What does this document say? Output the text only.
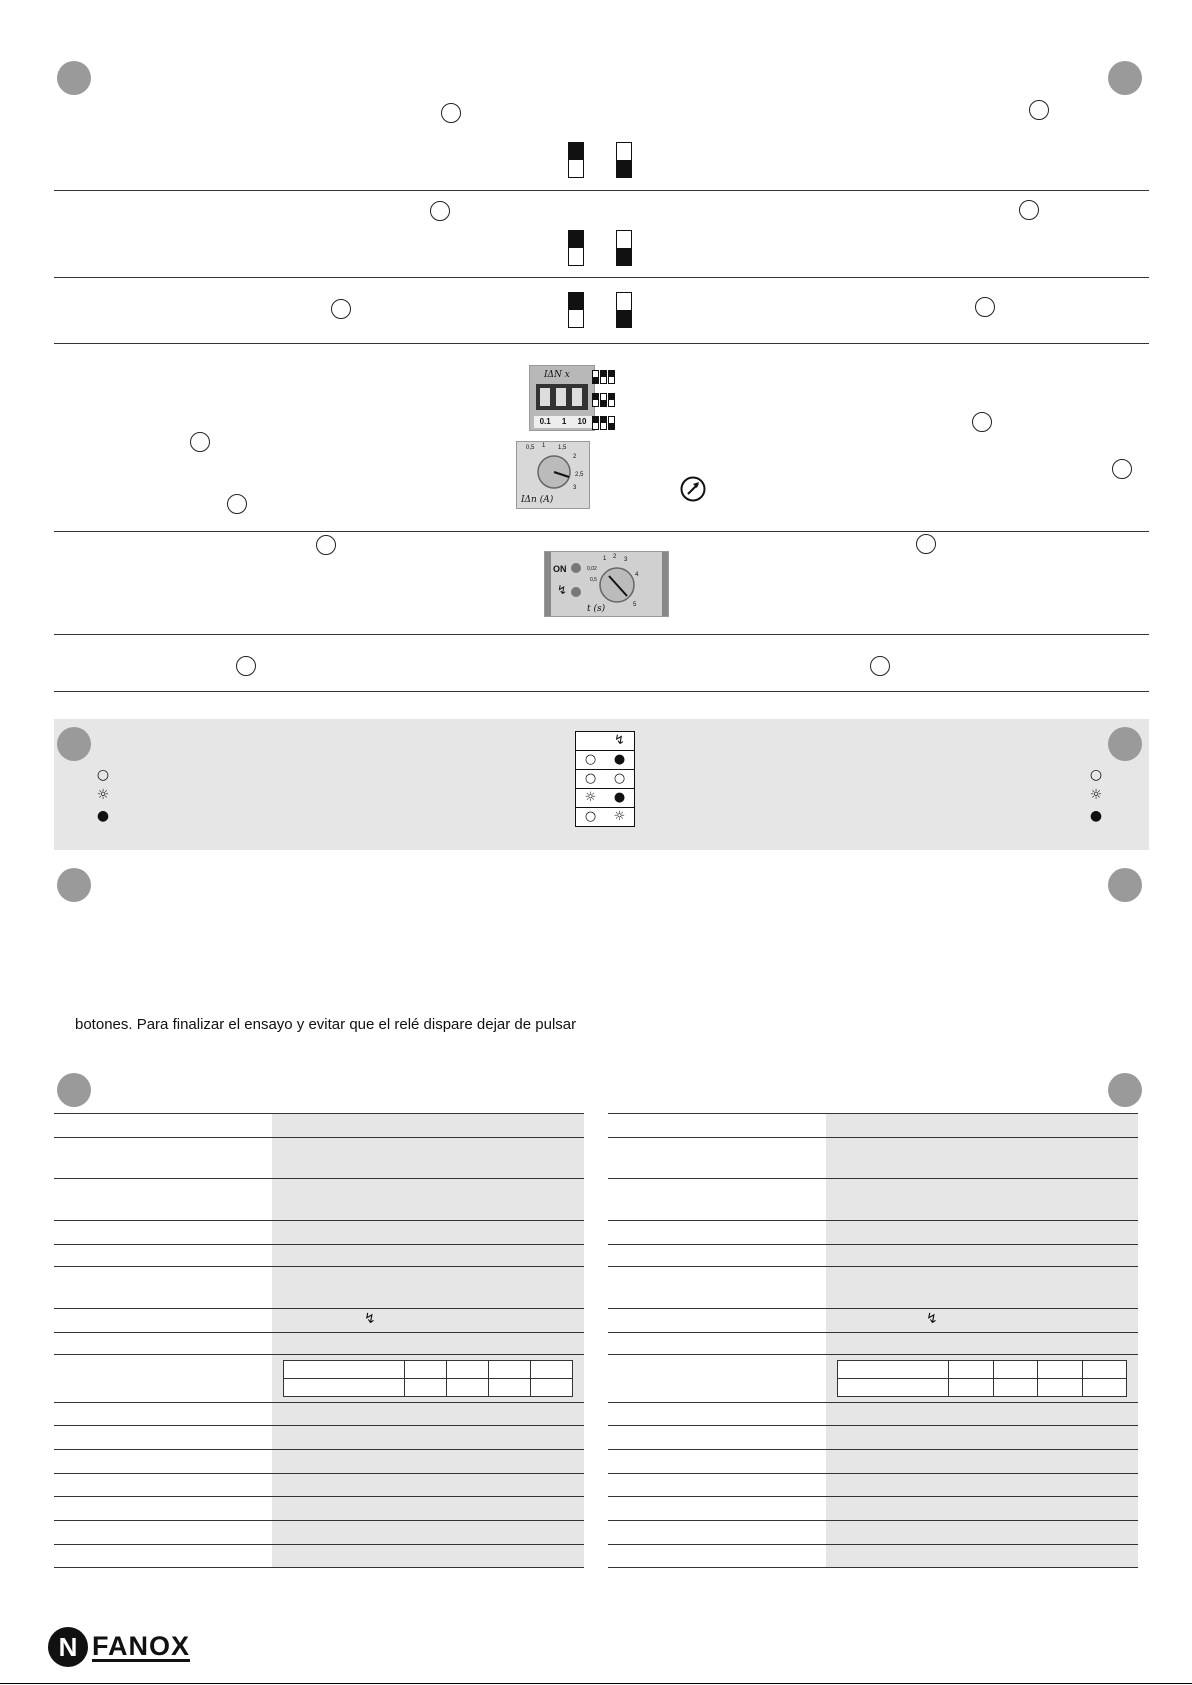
IΔN x
0.1 1 10
0,5 1 1,5
2
2,5
3
IΔn (A)
ON
↯
0,02
0,5
1 2 3
4
5
t (s)
○
☼
●
○
☼
●
	↯
○	●
○	○
☼	●
○	☼
botones. Para finalizar el ensayo y evitar que el relé dispare dejar de pulsar

↯

		↯

N FANOX
